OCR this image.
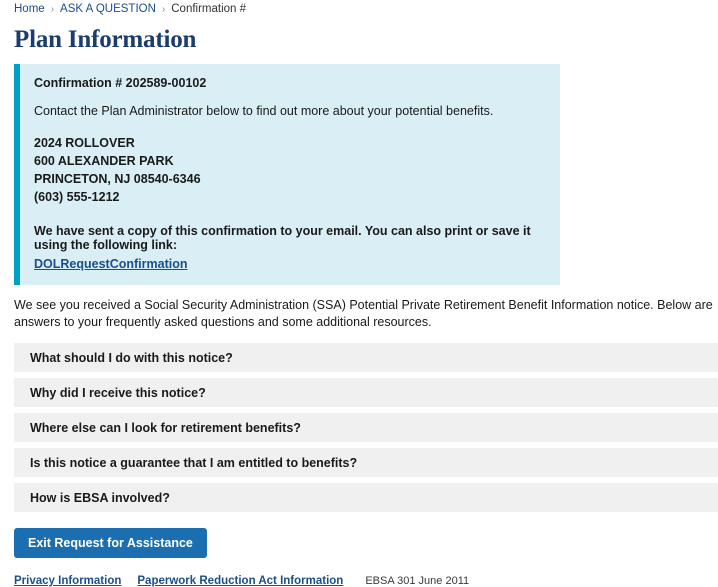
Home › ASK A QUESTION › Confirmation #
Plan Information
Confirmation # 202589-00102
Contact the Plan Administrator below to find out more about your potential benefits.
2024 ROLLOVER
600 ALEXANDER PARK
PRINCETON, NJ 08540-6346
(603) 555-1212
We have sent a copy of this confirmation to your email. You can also print or save it using the following link:
DOLRequestConfirmation

We see you received a Social Security Administration (SSA) Potential Private Retirement Benefit Information notice. Below are answers to your frequently asked questions and some additional resources.

What should I do with this notice?
Why did I receive this notice?
Where else can I look for retirement benefits?
Is this notice a guarantee that I am entitled to benefits?
How is EBSA involved?
Exit Request for Assistance
Privacy Information Paperwork Reduction Act Information EBSA 301 June 2011
